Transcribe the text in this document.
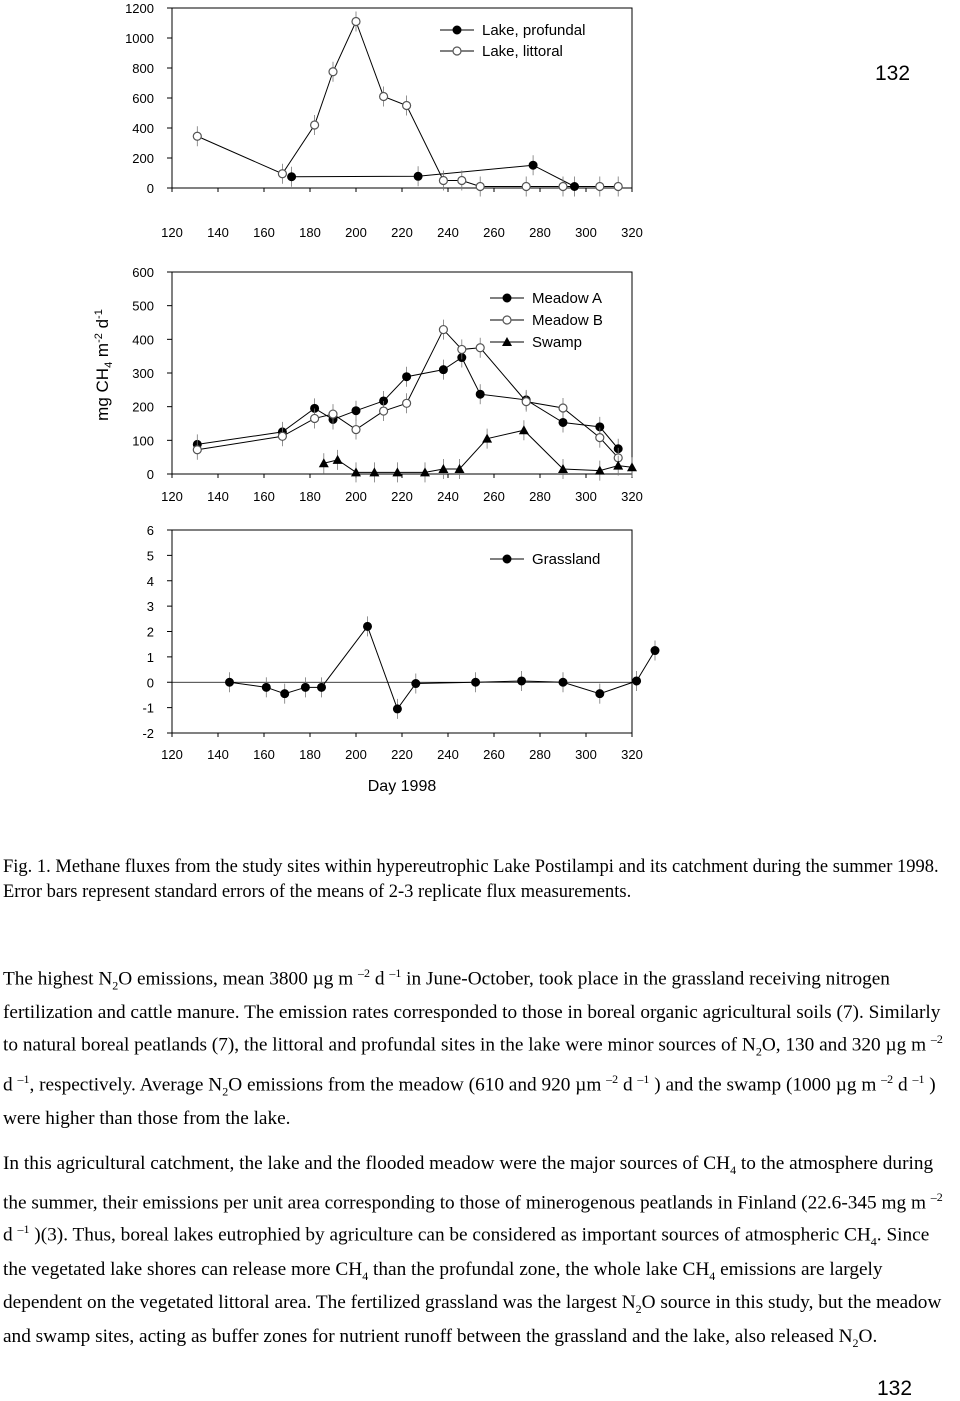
0
200
400
600
800
1000
1200
120 140 160 180 200 220 240 260 280 300 320
Lake, profundal
Lake, littoral
0
100
200
300
400
500
600
120 140 160 180 200 220 240 260 280 300 320
Meadow A
Meadow B
Swamp
-2
-1
0
1
2
3
4
5
6
120 140 160 180 200 220 240 260 280 300 320
Grassland
mg $CH_4$ $m^{-2}$ $d^{-1}$
Day 1998
132
Fig. 1. Methane fluxes from the study sites within hypereutrophic Lake Postilampi and its catchment during the summer 1998. Error bars represent standard errors of the means of 2-3 replicate flux measurements.
The highest $N_2O$ emissions, mean 3800 µg m $^{-2}$ d $^{-1}$ in June-October, took place in the grassland receiving nitrogen fertilization and cattle manure. The emission rates corresponded to those in boreal organic agricultural soils (7). Similarly to natural boreal peatlands (7), the littoral and profundal sites in the lake were minor sources of $N_2O$, 130 and 320 µg m $^{-2}$ d $^{-1}$, respectively. Average $N_2O$ emissions from the meadow (610 and 920 µm $^{-2}$ d $^{-1}$ ) and the swamp (1000 µg m $^{-2}$ d $^{-1}$ ) were higher than those from the lake.
In this agricultural catchment, the lake and the flooded meadow were the major sources of $CH_4$ to the atmosphere during the summer, their emissions per unit area corresponding to those of minerogenous peatlands in Finland (22.6-345 mg m $^{-2}$ d $^{-1}$ )(3). Thus, boreal lakes eutrophied by agriculture can be considered as important sources of atmospheric $CH_4$. Since the vegetated lake shores can release more $CH_4$ than the profundal zone, the whole lake $CH_4$ emissions are largely dependent on the vegetated littoral area. The fertilized grassland was the largest $N_2O$ source in this study, but the meadow and swamp sites, acting as buffer zones for nutrient runoff between the grassland and the lake, also released $N_2O$.
132
